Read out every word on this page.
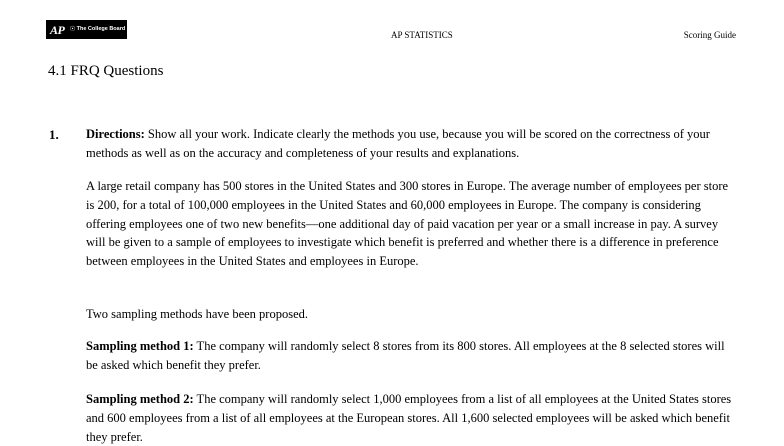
AP ☉ The College Board
AP STATISTICS	Scoring Guide
4.1 FRQ Questions
1. Directions: Show all your work. Indicate clearly the methods you use, because you will be scored on the correctness of your methods as well as on the accuracy and completeness of your results and explanations.

A large retail company has 500 stores in the United States and 300 stores in Europe. The average number of employees per store is 200, for a total of 100,000 employees in the United States and 60,000 employees in Europe. The company is considering offering employees one of two new benefits—one additional day of paid vacation per year or a small increase in pay. A survey will be given to a sample of employees to investigate which benefit is preferred and whether there is a difference in preference between employees in the United States and employees in Europe.

Two sampling methods have been proposed.

Sampling method 1: The company will randomly select 8 stores from its 800 stores. All employees at the 8 selected stores will be asked which benefit they prefer.

Sampling method 2: The company will randomly select 1,000 employees from a list of all employees at the United States stores and 600 employees from a list of all employees at the European stores. All 1,600 selected employees will be asked which benefit they prefer.
